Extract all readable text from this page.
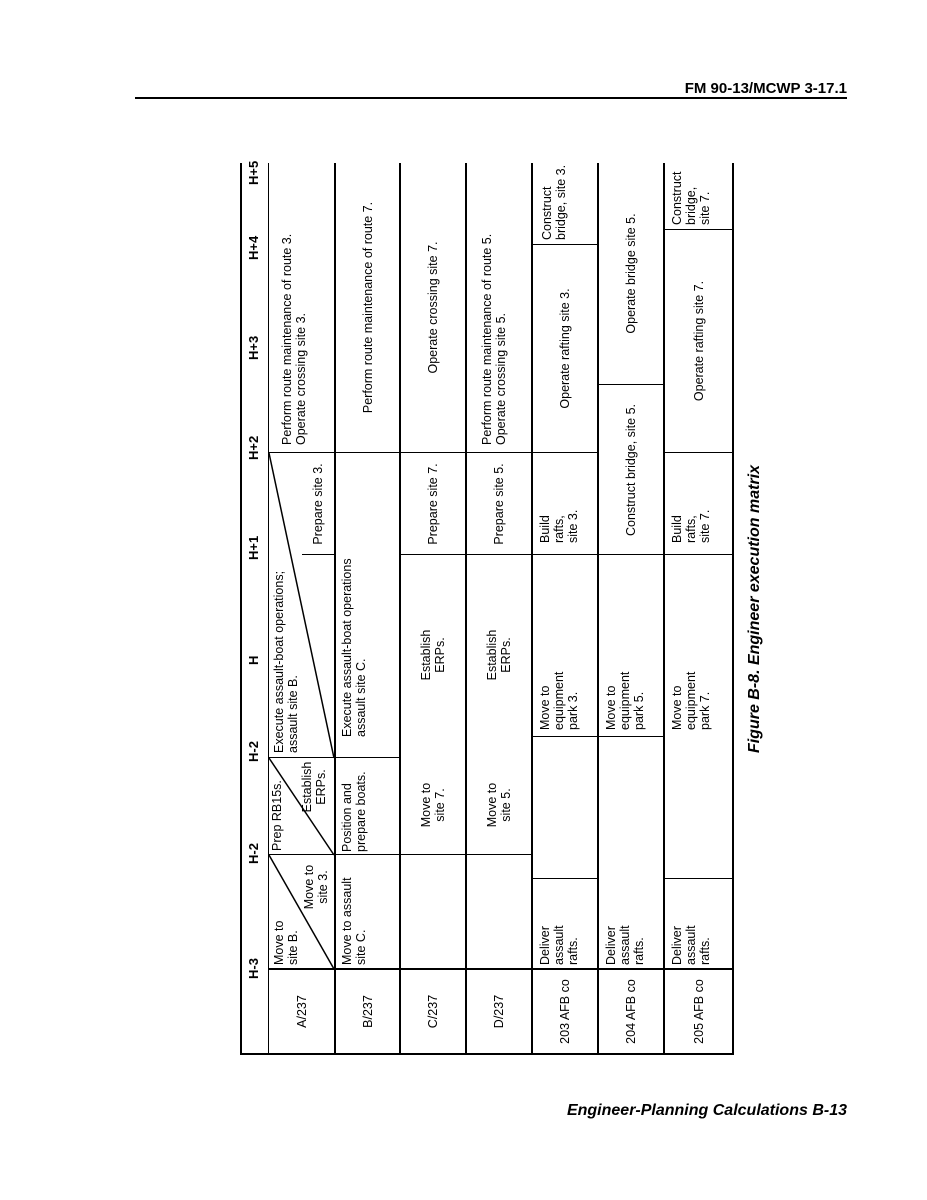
FM 90-13/MCWP 3-17.1
H-3
H-2
H-2
H
H+1
H+2
H+3
H+4
H+5
A/237
Move to
site B.
Move to
site 3.
Prep RB15s.	Establish
ERPs.
Execute assault-boat operations;
assault site B.
Prepare site 3.
Perform route maintenance of route 3.
Operate crossing site 3.
B/237
Move to assault
site C.
Position and
prepare boats.
Execute assault-boat operations
assault site C.
Perform route maintenance of route 7.
C/237
Move to
site 7.
Establish
ERPs.
Prepare site 7.
Operate crossing site 7.
D/237
Move to
site 5.
Establish
ERPs.
Prepare site 5.
Perform route maintenance of route 5.
Operate crossing site 5.
203 AFB co
Deliver
assault
rafts.
Move to
equipment
park 3.
Build
rafts,
site 3.
Operate rafting site 3.
Construct
bridge, site 3.
204 AFB co
Deliver
assault
rafts.
Move to
equipment
park 5.
Construct bridge, site 5.
Operate bridge site 5.
205 AFB co
Deliver
assault
rafts.
Move to
equipment
park 7.
Build
rafts,
site 7.
Operate rafting site 7.
Construct
bridge,
site 7.
Figure B-8. Engineer execution matrix
Engineer-Planning Calculations B-13
